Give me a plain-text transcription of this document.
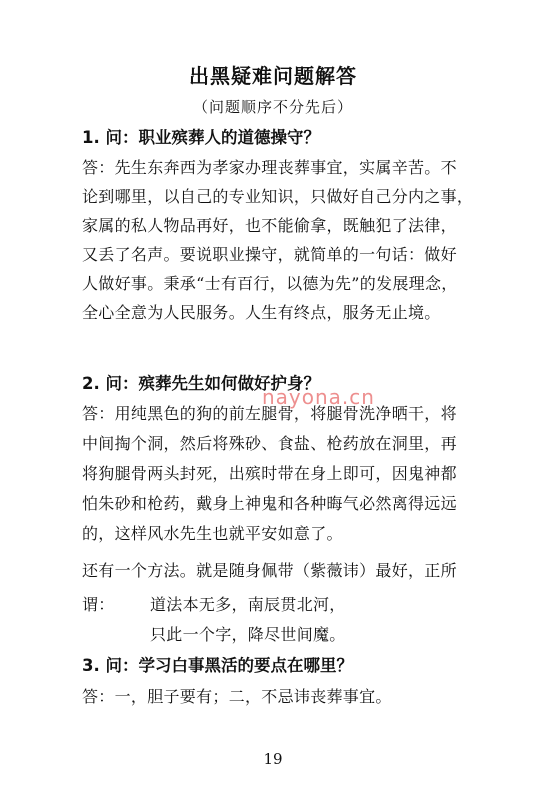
出黑疑难问题解答
（问题顺序不分先后）
1. 问：职业殡葬人的道德操守？
答：先生东奔西为孝家办理丧葬事宜，实属辛苦。不
论到哪里，以自己的专业知识，只做好自己分内之事，
家属的私人物品再好，也不能偷拿，既触犯了法律，
又丢了名声。要说职业操守，就简单的一句话：做好
人做好事。秉承“士有百行，以德为先”的发展理念，
全心全意为人民服务。人生有终点，服务无止境。
2. 问：殡葬先生如何做好护身？
答：用纯黑色的狗的前左腿骨，将腿骨洗净晒干，将
中间掏个洞，然后将殊砂、食盐、枪药放在洞里，再
将狗腿骨两头封死，出殡时带在身上即可，因鬼神都
怕朱砂和枪药，戴身上神鬼和各种晦气必然离得远远
的，这样风水先生也就平安如意了。
还有一个方法。就是随身佩带（紫薇讳）最好，正所
谓： 道法本无多，南辰贯北河，
只此一个字，降尽世间魔。
3. 问：学习白事黑活的要点在哪里？
答：一，胆子要有；二，不忌讳丧葬事宜。
nayona.cn
19
